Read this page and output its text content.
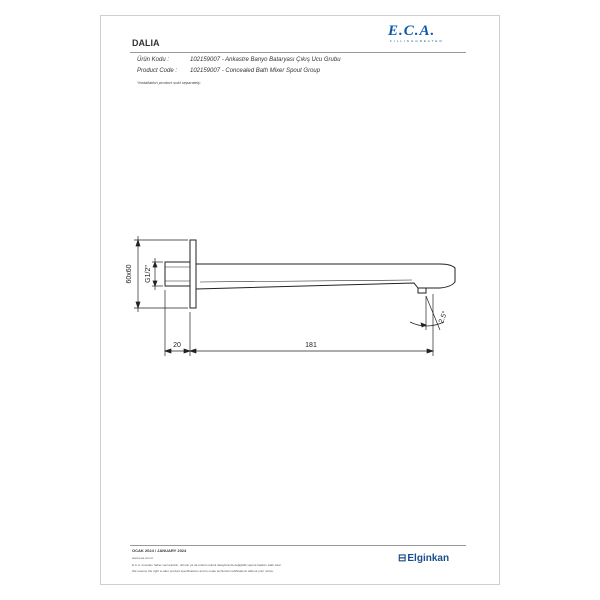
E.C.A.
F I L L I N G G R E A T E R
DALIA
Ürün Kodu :	102159007 - Ankastre Banyo Bataryası Çıkış Ucu Grubu
Product Code : 102159007 - Concealed Bath Mixer Spout Group
*Installation product sold separately.
60x60 G1/2"
20	181
2.5°
OCAK 2024 / JANUARY 2024
www.eca.com.tr
E.C.A. önceden haber vermeksizin, ürünün ya da ürünün teknik detaylarında değişiklik yapma hakkını saklı tutar.
We reserve the right to alter product specifications and to make technical modifications without prior notice.
⊟Elginkan
